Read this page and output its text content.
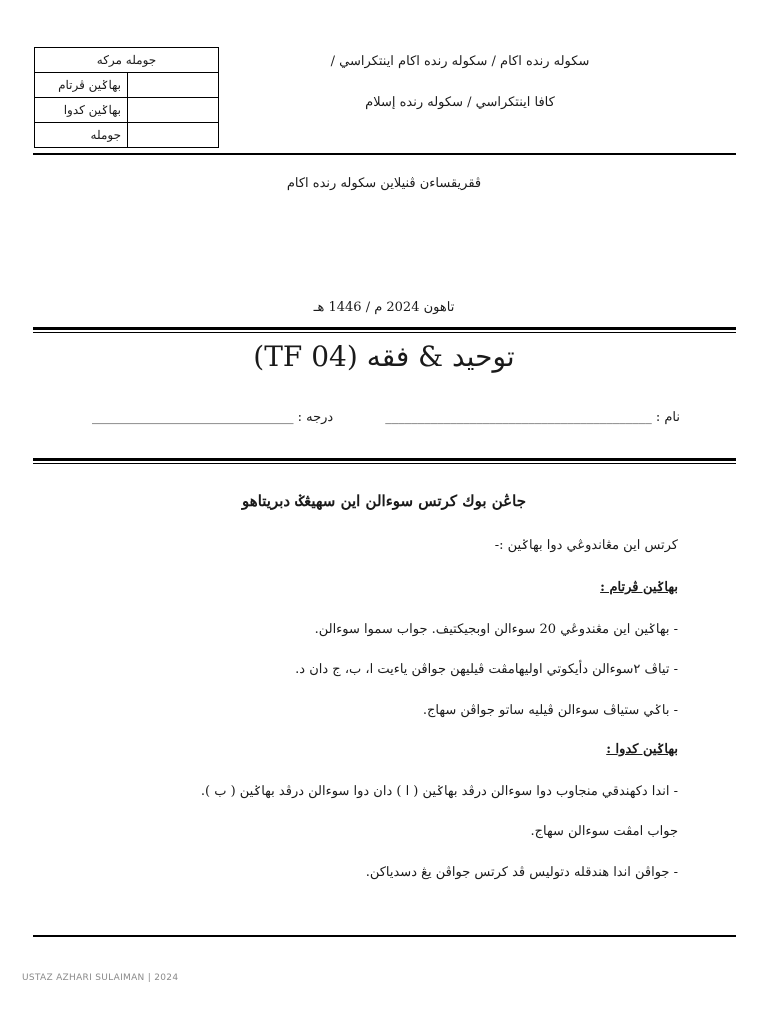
جوملە مركه	
بهاݢين ڤرتام	
بهاݢين كدوا	
جوملە	
سكوله رنده اكام / سكوله رنده اكام اينتكراسي /
كافا اينتكراسي / سكوله رنده إسلام
ڤقريقساءن ڤنيلاين سكوله رنده اكام
تاهون 2024 م / 1446 هـ
توحيد & فقه (TF 04)
نام : _________________________________________
درجه : _______________________________
جاڠن بوك کرتس سوءالن این سهيڠݢ دبريتاهو
کرتس این مڠاندوڠي دوا بهاݢين :-
بهاݢين ڤرتام :
- بهاݢين این مڠندوڠي 20 سوءالن اوبجيكتيف. جواب سموا سوءالن.
- تياڤ ٢سوءالن دأيکوتي اوليهامڤت ڤيليهن جواڤن ياءيت ا، ب، ج دان د.
- باݢي ستياڤ سوءالن ڤيليه ساتو جواڤن سهاج.
بهاݢين كدوا :
- اندا دکهندقي منجاوب دوا سوءالن درڤد بهاݢين ( ا ) دان دوا سوءالن درڤد بهاݢين ( ب ).
جواب امڤت سوءالن سهاج.
- جواڤن اندا هندقله دتوليس ڤد کرتس جواڤن يڠ دسدياکن.
USTAZ AZHARI SULAIMAN | 2024
